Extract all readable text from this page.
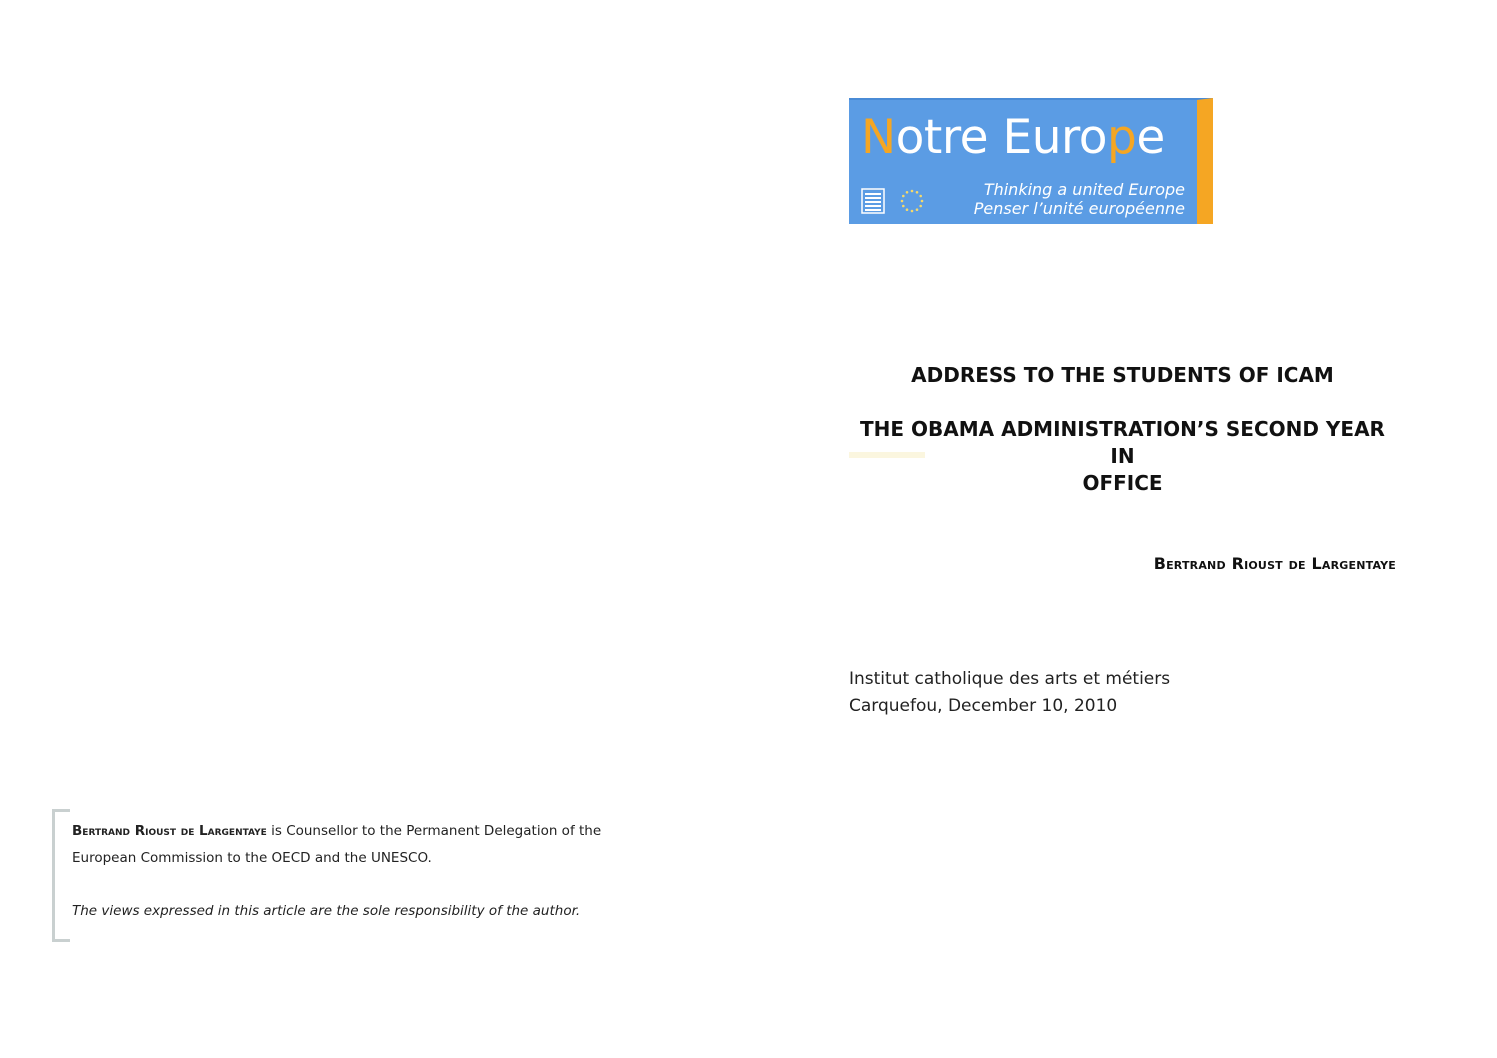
Notre Europe
Thinking a united Europe
Penser l’unité européenne
ADDRESS TO THE STUDENTS OF ICAM
THE OBAMA ADMINISTRATION’S SECOND YEAR IN
OFFICE
Bertrand Rioust de Largentaye
Institut catholique des arts et métiers
Carquefou, December 10, 2010
Bertrand Rioust de Largentaye is Counsellor to the Permanent Delegation of the European Commission to the OECD and the UNESCO.
The views expressed in this article are the sole responsibility of the author.
